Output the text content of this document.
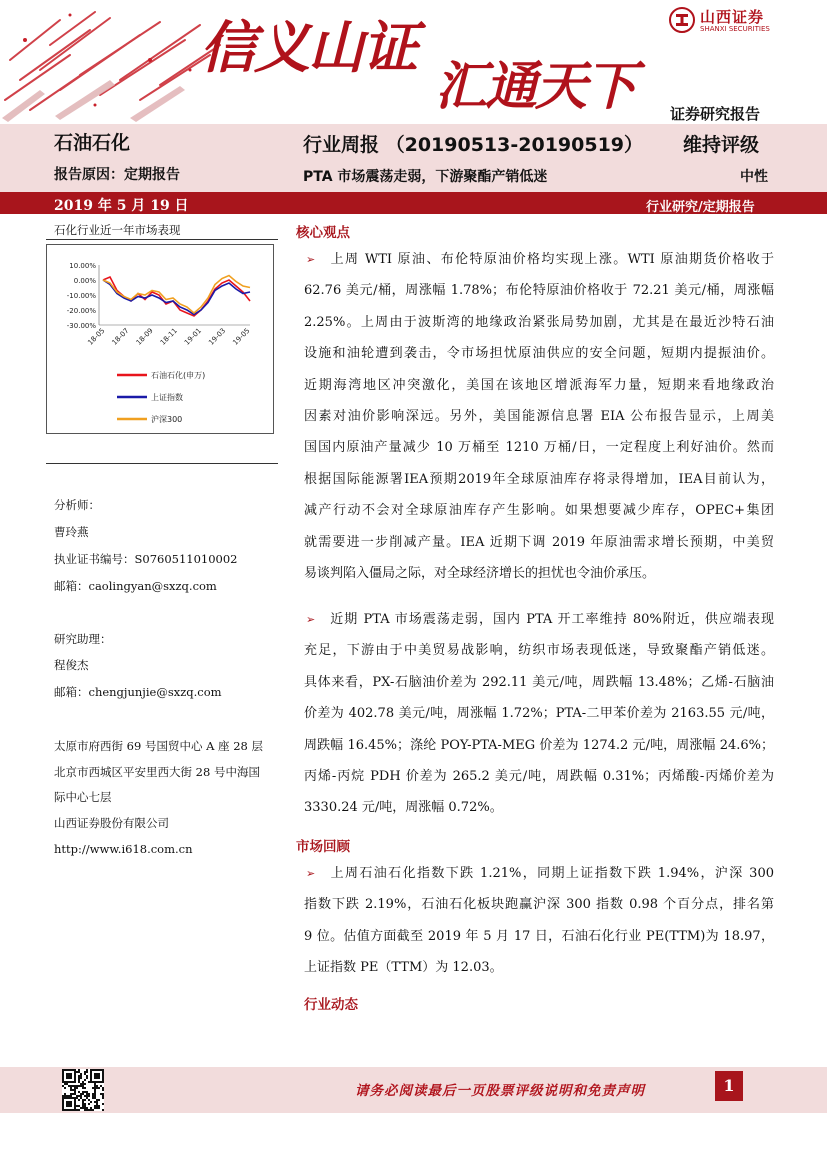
信义山证
汇通天下
山西证券
SHANXI SECURITIES
证券研究报告
石油石化	行业周报 （20190513-20190519） 维持评级
报告原因：定期报告	PTA 市场震荡走弱，下游聚酯产销低迷	中性
2019 年 5 月 19 日	行业研究/定期报告
石化行业近一年市场表现
10.00%
0.00%
-10.00%
-20.00%
-30.00%
18-05 18-07 18-09 18-11 19-01 19-03 19-05
石油石化(申万)
上证指数
沪深300
分析师：
曹玲燕
执业证书编号：S0760511010002
邮箱：caolingyan@sxzq.com
研究助理：
程俊杰
邮箱：chengjunjie@sxzq.com
太原市府西街 69 号国贸中心 A 座 28 层
北京市西城区平安里西大街 28 号中海国
际中心七层
山西证券股份有限公司
http://www.i618.com.cn
核心观点
➢ 上周 WTI 原油、布伦特原油价格均实现上涨。WTI 原油期货价格收于
62.76 美元/桶，周涨幅 1.78%；布伦特原油价格收于 72.21 美元/桶，周涨幅
2.25%。上周由于波斯湾的地缘政治紧张局势加剧，尤其是在最近沙特石油
设施和油轮遭到袭击，令市场担忧原油供应的安全问题，短期内提振油价。
近期海湾地区冲突激化，美国在该地区增派海军力量，短期来看地缘政治
因素对油价影响深远。另外，美国能源信息署 EIA 公布报告显示，上周美
国国内原油产量减少 10 万桶至 1210 万桶/日，一定程度上利好油价。然而
根据国际能源署IEA预期2019年全球原油库存将录得增加，IEA目前认为，
减产行动不会对全球原油库存产生影响。如果想要减少库存，OPEC+集团
就需要进一步削减产量。IEA 近期下调 2019 年原油需求增长预期，中美贸
易谈判陷入僵局之际，对全球经济增长的担忧也令油价承压。
➢ 近期 PTA 市场震荡走弱，国内 PTA 开工率维持 80%附近，供应端表现
充足，下游由于中美贸易战影响，纺织市场表现低迷，导致聚酯产销低迷。
具体来看，PX-石脑油价差为 292.11 美元/吨，周跌幅 13.48%；乙烯-石脑油
价差为 402.78 美元/吨，周涨幅 1.72%；PTA-二甲苯价差为 2163.55 元/吨，
周跌幅 16.45%；涤纶 POY-PTA-MEG 价差为 1274.2 元/吨，周涨幅 24.6%；
丙烯-丙烷 PDH 价差为 265.2 美元/吨，周跌幅 0.31%；丙烯酸-丙烯价差为
3330.24 元/吨，周涨幅 0.72%。
市场回顾
➢ 上周石油石化指数下跌 1.21%，同期上证指数下跌 1.94%，沪深 300
指数下跌 2.19%，石油石化板块跑赢沪深 300 指数 0.98 个百分点，排名第
9 位。估值方面截至 2019 年 5 月 17 日，石油石化行业 PE(TTM)为 18.97，
上证指数 PE（TTM）为 12.03。
行业动态
请务必阅读最后一页股票评级说明和免责声明	1
